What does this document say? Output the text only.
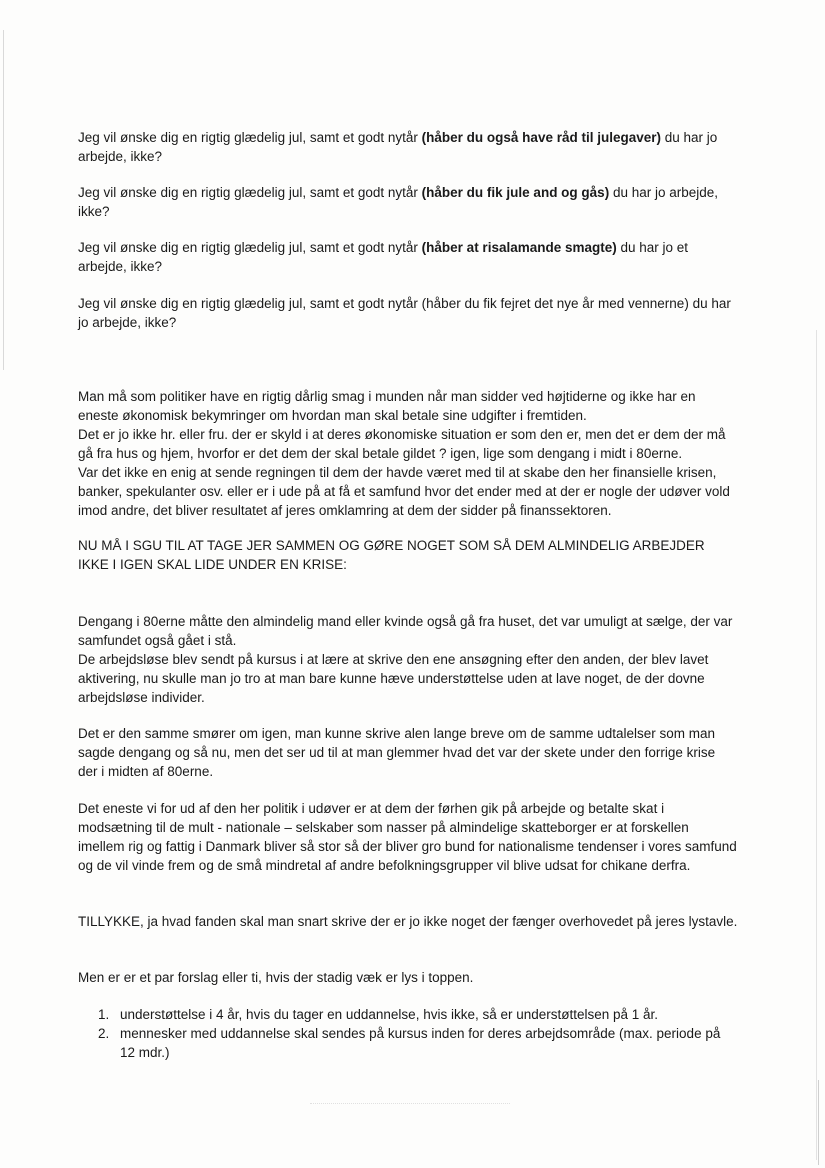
Jeg vil ønske dig en rigtig glædelig jul, samt et godt nytår (håber du også have råd til julegaver) du har jo arbejde, ikke?

Jeg vil ønske dig en rigtig glædelig jul, samt et godt nytår (håber du fik jule and og gås) du har jo arbejde, ikke?

Jeg vil ønske dig en rigtig glædelig jul, samt et godt nytår (håber at risalamande smagte) du har jo et arbejde, ikke?

Jeg vil ønske dig en rigtig glædelig jul, samt et godt nytår (håber du fik fejret det nye år med vennerne) du har jo arbejde, ikke?

Man må som politiker have en rigtig dårlig smag i munden når man sidder ved højtiderne og ikke har en eneste økonomisk bekymringer om hvordan man skal betale sine udgifter i fremtiden.
Det er jo ikke hr. eller fru. der er skyld i at deres økonomiske situation er som den er, men det er dem der må gå fra hus og hjem, hvorfor er det dem der skal betale gildet ? igen, lige som dengang i midt i 80erne.
Var det ikke en enig at sende regningen til dem der havde været med til at skabe den her finansielle krisen, banker, spekulanter osv. eller er i ude på at få et samfund hvor det ender med at der er nogle der udøver vold imod andre, det bliver resultatet af jeres omklamring at dem der sidder på finanssektoren.

NU MÅ I SGU TIL AT TAGE JER SAMMEN OG GØRE NOGET SOM SÅ DEM ALMINDELIG ARBEJDER IKKE I IGEN SKAL LIDE UNDER EN KRISE:

Dengang i 80erne måtte den almindelig mand eller kvinde også gå fra huset, det var umuligt at sælge, der var samfundet også gået i stå.
De arbejdsløse blev sendt på kursus i at lære at skrive den ene ansøgning efter den anden, der blev lavet aktivering, nu skulle man jo tro at man bare kunne hæve understøttelse uden at lave noget, de der dovne arbejdsløse individer.

Det er den samme smører om igen, man kunne skrive alen lange breve om de samme udtalelser som man sagde dengang og så nu, men det ser ud til at man glemmer hvad det var der skete under den forrige krise der i midten af 80erne.

Det eneste vi for ud af den her politik i udøver er at dem der førhen gik på arbejde og betalte skat i modsætning til de mult - nationale – selskaber som nasser på almindelige skatteborger er at forskellen imellem rig og fattig i Danmark bliver så stor så der bliver gro bund for nationalisme tendenser i vores samfund og de vil vinde frem og de små mindretal af andre befolkningsgrupper vil blive udsat for chikane derfra.

TILLYKKE, ja hvad fanden skal man snart skrive der er jo ikke noget der fænger overhovedet på jeres lystavle.

Men er er et par forslag eller ti, hvis der stadig væk er lys i toppen.

1. understøttelse i 4 år, hvis du tager en uddannelse, hvis ikke, så er understøttelsen på 1 år.
2. mennesker med uddannelse skal sendes på kursus inden for deres arbejdsområde (max. periode på 12 mdr.)
